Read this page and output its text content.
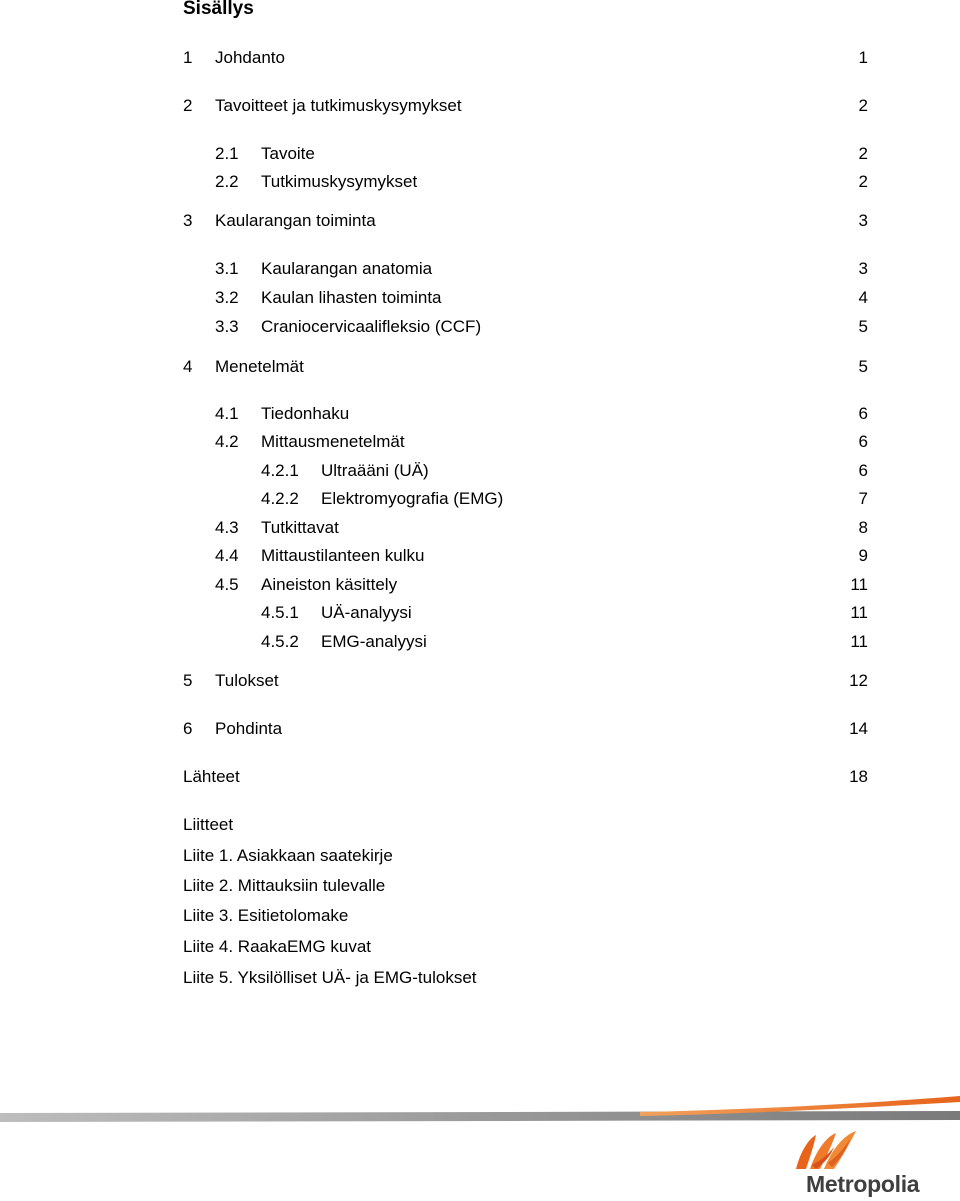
Sisällys
1 Johdanto	1
2 Tavoitteet ja tutkimuskysymykset	2
2.1 Tavoite	2
2.2 Tutkimuskysymykset	2
3 Kaularangan toiminta	3
3.1 Kaularangan anatomia	3
3.2 Kaulan lihasten toiminta	4
3.3 Craniocervicaalifleksio (CCF)	5
4 Menetelmät	5
4.1 Tiedonhaku	6
4.2 Mittausmenetelmät	6
4.2.1 Ultraääni (UÄ)	6
4.2.2 Elektromyografia (EMG)	7
4.3 Tutkittavat	8
4.4 Mittaustilanteen kulku	9
4.5 Aineiston käsittely	11
4.5.1 UÄ-analyysi	11
4.5.2 EMG-analyysi	11
5 Tulokset	12
6 Pohdinta	14
Lähteet	18
Liitteet
Liite 1. Asiakkaan saatekirje
Liite 2. Mittauksiin tulevalle
Liite 3. Esitietolomake
Liite 4. RaakaEMG kuvat
Liite 5. Yksilölliset UÄ- ja EMG-tulokset
Metropolia
